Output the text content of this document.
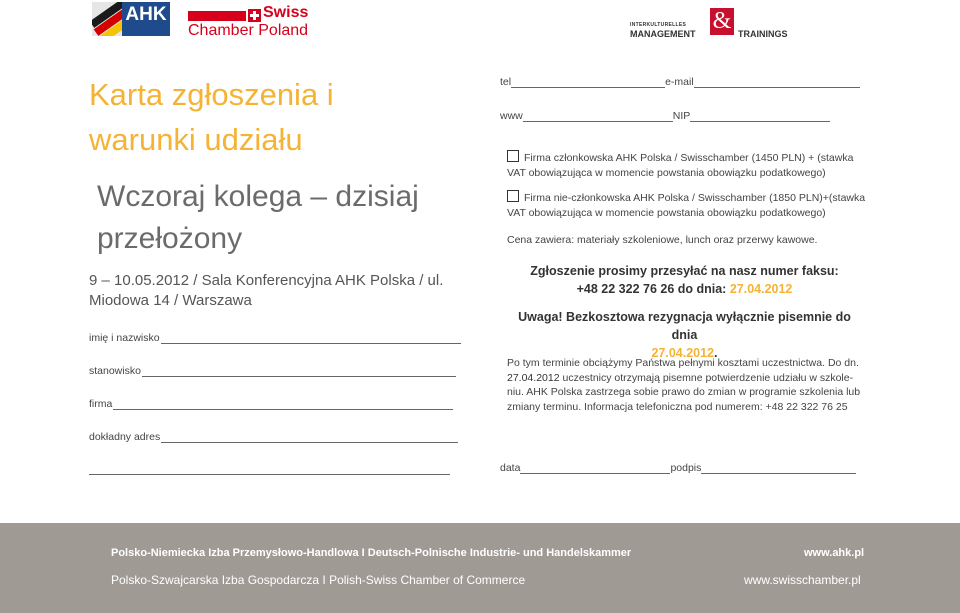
AHK	Swiss
Chamber Poland	INTERKULTURELLES
MANAGEMENT & TRAININGS
Karta zgłoszenia i warunki udziału
Wczoraj kolega – dzisiaj przełożony
9 – 10.05.2012 / Sala Konferencyjna AHK Polska / ul. Miodowa 14 / Warszawa
imię i nazwisko
stanowisko
firma
dokładny adres
tel	e-mail
www	NIP
Firma członkowska AHK Polska / Swisschamber (1450 PLN) + (stawka VAT obowiązująca w momencie powstania obowiązku podatkowego)
Firma nie-członkowska AHK Polska / Swisschamber (1850 PLN)+(stawka VAT obowiązująca w momencie powstania obowiązku podatkowego)
Cena zawiera: materiały szkoleniowe, lunch oraz przerwy kawowe.
Zgłoszenie prosimy przesyłać na nasz numer faksu:
+48 22 322 76 26 do dnia: 27.04.2012
Uwaga! Bezkosztowa rezygnacja wyłącznie pisemnie do dnia
27.04.2012.
Po tym terminie obciążymy Państwa pełnymi kosztami uczestnictwa. Do dn. 27.04.2012 uczestnicy otrzymają pisemne potwierdzenie udziału w szkole-niu. AHK Polska zastrzega sobie prawo do zmian w programie szkolenia lub zmiany terminu. Informacja telefoniczna pod numerem: +48 22 322 76 25
data	podpis
Polsko-Niemiecka Izba Przemysłowo-Handlowa I Deutsch-Polnische Industrie- und Handelskammer	www.ahk.pl
Polsko-Szwajcarska Izba Gospodarcza I Polish-Swiss Chamber of Commerce	www.swisschamber.pl
